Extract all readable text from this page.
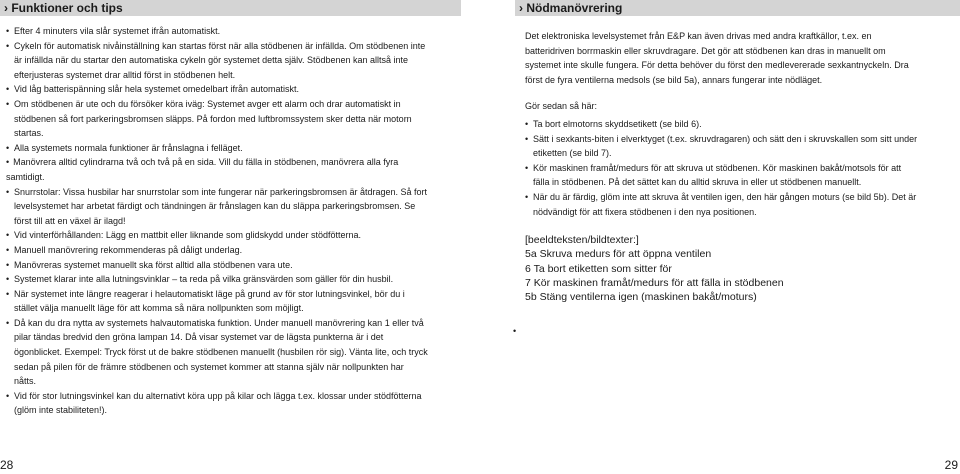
› Funktioner och tips
• Efter 4 minuters vila slår systemet ifrån automatiskt.
• Cykeln för automatisk nivåinställning kan startas först när alla stödbenen är infällda. Om stödbenen inte är infällda när du startar den automatiska cykeln gör systemet detta själv. Stödbenen kan alltså inte efterjusteras systemet drar alltid först in stödbenen helt.
• Vid låg batterispänning slår hela systemet omedelbart ifrån automatiskt.
• Om stödbenen är ute och du försöker köra iväg: Systemet avger ett alarm och drar automatiskt in stödbenen så fort parkeringsbromsen släpps. På fordon med luftbromssystem sker detta när motorn startas.
• Alla systemets normala funktioner är frånslagna i felläget.
• Manövrera alltid cylindrarna två och två på en sida. Vill du fälla in stödbenen, manövrera alla fyra samtidigt.
• Snurrstolar: Vissa husbilar har snurrstolar som inte fungerar när parkeringsbromsen är åtdragen. Så fort levelsystemet har arbetat färdigt och tändningen är frånslagen kan du släppa parkeringsbromsen. Se först till att en växel är ilagd!
• Vid vinterförhållanden: Lägg en mattbit eller liknande som glidskydd under stödfötterna.
• Manuell manövrering rekommenderas på dåligt underlag.
• Manövreras systemet manuellt ska först alltid alla stödbenen vara ute.
• Systemet klarar inte alla lutningsvinklar – ta reda på vilka gränsvärden som gäller för din husbil.
• När systemet inte längre reagerar i helautomatiskt läge på grund av för stor lutningsvinkel, bör du i stället välja manuellt läge för att komma så nära nollpunkten som möjligt.
• Då kan du dra nytta av systemets halvautomatiska funktion. Under manuell manövrering kan 1 eller två pilar tändas bredvid den gröna lampan 14. Då visar systemet var de lägsta punkterna är i det ögonblicket. Exempel: Tryck först ut de bakre stödbenen manuellt (husbilen rör sig). Vänta lite, och tryck sedan på pilen för de främre stödbenen och systemet kommer att stanna själv när nollpunkten har nåtts.
• Vid för stor lutningsvinkel kan du alternativt köra upp på kilar och lägga t.ex. klossar under stödfötterna (glöm inte stabiliteten!).
28
› Nödmanövrering

Det elektroniska levelsystemet från E&P kan även drivas med andra kraftkällor, t.ex. en batteridriven borrmaskin eller skruvdragare. Det gör att stödbenen kan dras in manuellt om systemet inte skulle fungera. För detta behöver du först den medlevererade sexkantnyckeln. Dra först de fyra ventilerna medsols (se bild 5a), annars fungerar inte nödläget.

Gör sedan så här:

• Ta bort elmotorns skyddsetikett (se bild 6).
• Sätt i sexkants-biten i elverktyget (t.ex. skruvdragaren) och sätt den i skruvskallen som sitt under etiketten (se bild 7).
• Kör maskinen framåt/medurs för att skruva ut stödbenen. Kör maskinen bakåt/motsols för att fälla in stödbenen. På det sättet kan du alltid skruva in eller ut stödbenen manuellt.
• När du är färdig, glöm inte att skruva åt ventilen igen, den här gången moturs (se bild 5b). Det är nödvändigt för att fixera stödbenen i den nya positionen.
[beeldteksten/bildtexter:]
5a Skruva medurs för att öppna ventilen
6 Ta bort etiketten som sitter för
7 Kör maskinen framåt/medurs för att fälla in stödbenen
5b Stäng ventilerna igen (maskinen bakåt/moturs)
•
29
